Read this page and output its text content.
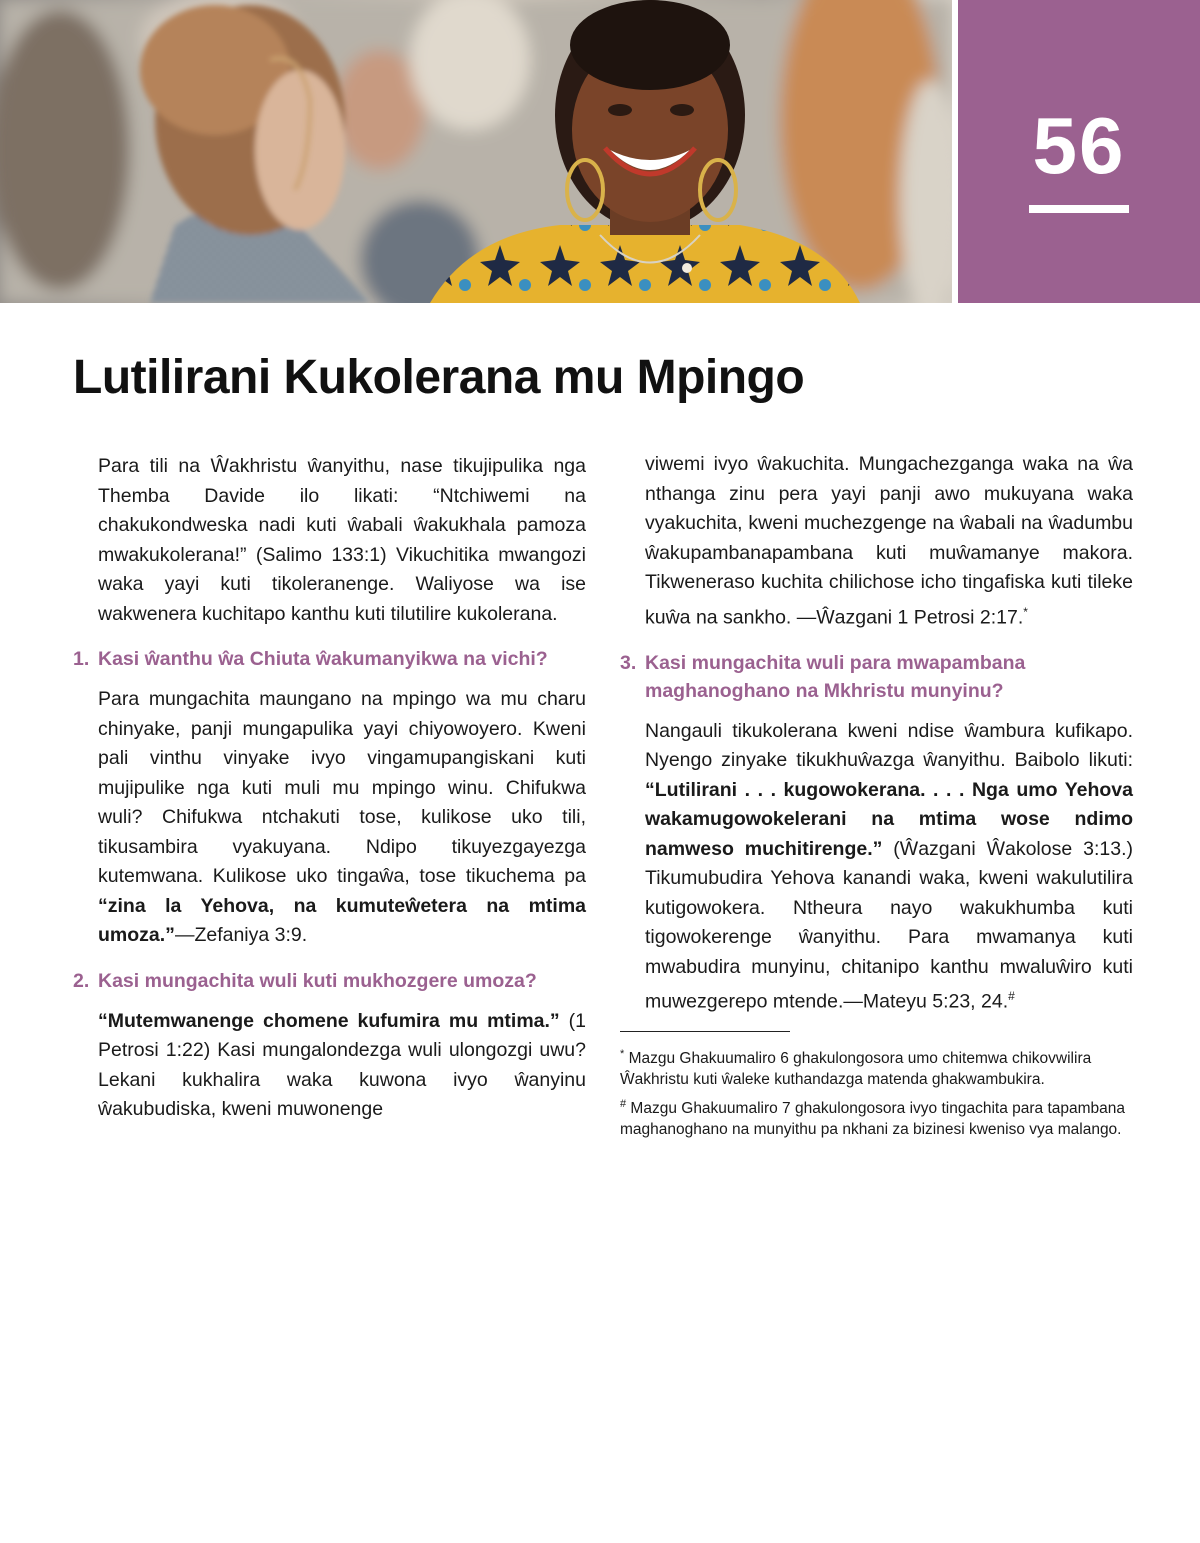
56
Lutilirani Kukolerana mu Mpingo

Para tili na Ŵakhristu ŵanyithu, nase tikujipulika nga Themba Davide ilo likati: “Ntchiwemi na chakukondweska nadi kuti ŵabali ŵakukhala pamoza mwakukolerana!” (Salimo 133:1) Vikuchitika mwangozi waka yayi kuti tikoleranenge. Waliyose wa ise wakwenera kuchitapo kanthu kuti tilutilire kukolerana.

1. Kasi ŵanthu ŵa Chiuta ŵakumanyikwa na vichi?

Para mungachita maungano na mpingo wa mu charu chinyake, panji mungapulika yayi chiyowoyero. Kweni pali vinthu vinyake ivyo vingamupangiskani kuti mujipulike nga kuti muli mu mpingo winu. Chifukwa wuli? Chifukwa ntchakuti tose, kulikose uko tili, tikusambira vyakuyana. Ndipo tikuyezgayezga kutemwana. Kulikose uko tingaŵa, tose tikuchema pa “zina la Yehova, na kumuteŵetera na mtima umoza.”—Zefaniya 3:9.

2. Kasi mungachita wuli kuti mukhozgere umoza?

“Mutemwanenge chomene kufumira mu mtima.” (1 Petrosi 1:22) Kasi mungalondezga wuli ulongozgi uwu? Lekani kukhalira waka kuwona ivyo ŵanyinu ŵakubudiska, kweni muwonenge

viwemi ivyo ŵakuchita. Mungachezganga waka na ŵa nthanga zinu pera yayi panji awo mukuyana waka vyakuchita, kweni muchezgenge na ŵabali na ŵadumbu ŵakupambanapambana kuti muŵamanye makora. Tikweneraso kuchita chilichose icho tingafiska kuti tileke kuŵa na sankho. —Ŵazgani 1 Petrosi 2:17.*

3. Kasi mungachita wuli para mwapambana maghanoghano na Mkhristu munyinu?

Nangauli tikukolerana kweni ndise ŵambura kufikapo. Nyengo zinyake tikukhuŵazga ŵanyithu. Baibolo likuti: “Lutilirani . . . kugowokerana. . . . Nga umo Yehova wakamugowokelerani na mtima wose ndimo namweso muchitirenge.” (Ŵazgani Ŵakolose 3:13.) Tikumubudira Yehova kanandi waka, kweni wakulutilira kutigowokera. Ntheura nayo wakukhumba kuti tigowokerenge ŵanyithu. Para mwamanya kuti mwabudira munyinu, chitanipo kanthu mwaluŵiro kuti muwezgerepo mtende.—Mateyu 5:23, 24.#

* Mazgu Ghakuumaliro 6 ghakulongosora umo chitemwa chikovwilira Ŵakhristu kuti ŵaleke kuthandazga matenda ghakwambukira.

# Mazgu Ghakuumaliro 7 ghakulongosora ivyo tingachita para tapambana maghanoghano na munyithu pa nkhani za bizinesi kweniso vya malango.
